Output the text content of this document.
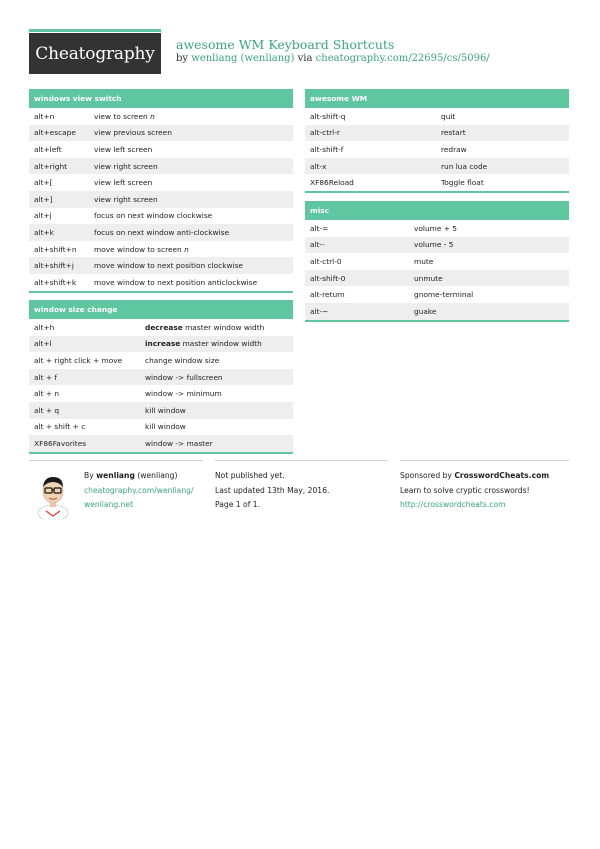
Cheatography	awesome WM Keyboard Shortcuts
by wenliang (wenliang) via cheatography.com/22695/cs/5096/
windows view switch
alt+n	view to screen n
alt+escape	view previous screen
alt+left	view left screen
alt+right	view right screen
alt+[	view left screen
alt+]	view right screen
alt+j	focus on next window clockwise
alt+k	focus on next window anti-clockwise
alt+shift+n	move window to screen n
alt+shift+j	move window to next position clockwise
alt+shift+k	move window to next position anticlockwise
window size change
alt+h	decrease master window width
alt+l	increase master window width
alt + right click + move	change window size
alt + f	window -> fullscreen
alt + n	window -> minimum
alt + q	kill window
alt + shift + c	kill window
XF86Favorites	window -> master
awesome WM
alt-shift-q	quit
alt-ctrl-r	restart
alt-shift-f	redraw
alt-x	run lua code
XF86Reload	Toggle float
misc
alt-=	volume + 5
alt--	volume - 5
alt-ctrl-0	mute
alt-shift-0	unmute
alt-return	gnome-terminal
alt-~	guake
By wenliang (wenliang)
cheatography.com/wenliang/
wenliang.net
Not published yet.
Last updated 13th May, 2016.
Page 1 of 1.
Sponsored by CrosswordCheats.com
Learn to solve cryptic crosswords!
http://crosswordcheats.com
